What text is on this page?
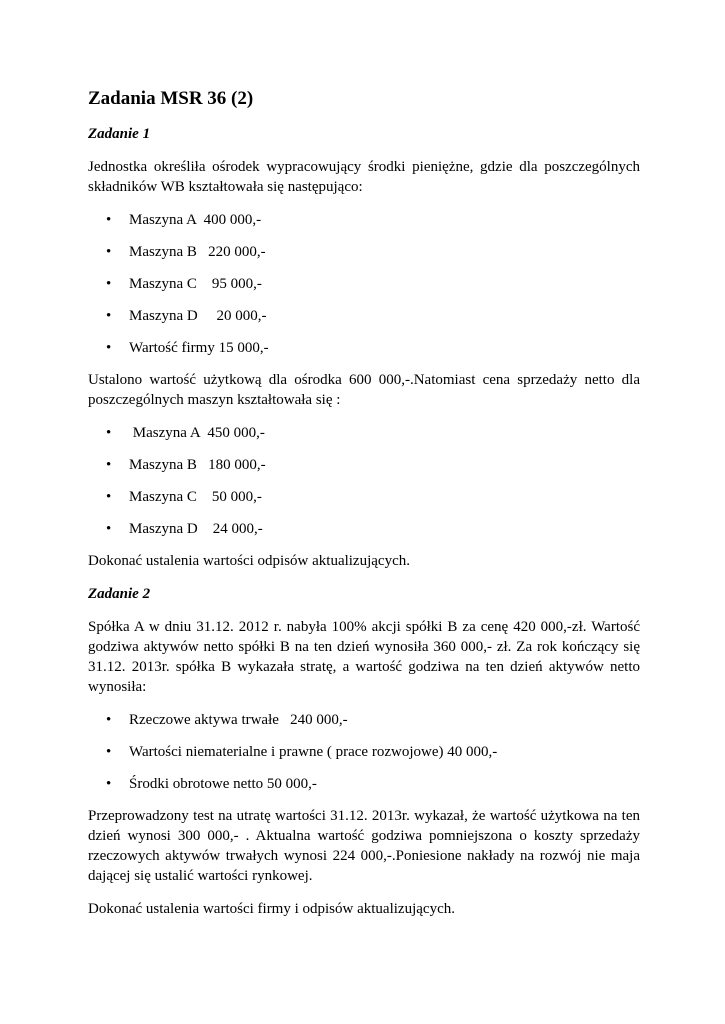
Zadania MSR 36 (2)
Zadanie 1

Jednostka określiła ośrodek wypracowujący środki pieniężne, gdzie dla poszczególnych składników WB kształtowała się następująco:

• Maszyna A  400 000,-
• Maszyna B   220 000,-
• Maszyna C    95 000,-
• Maszyna D     20 000,-
• Wartość firmy 15 000,-

Ustalono wartość użytkową dla ośrodka 600 000,-.Natomiast cena sprzedaży netto dla poszczególnych maszyn kształtowała się :

•  Maszyna A  450 000,-
• Maszyna B   180 000,-
• Maszyna C    50 000,-
• Maszyna D    24 000,-

Dokonać ustalenia wartości odpisów aktualizujących.

Zadanie 2

Spółka A w dniu 31.12. 2012 r. nabyła 100% akcji spółki B za cenę 420 000,-zł. Wartość godziwa aktywów netto spółki B na ten dzień wynosiła 360 000,- zł. Za rok kończący się 31.12. 2013r. spółka B wykazała stratę, a wartość godziwa na ten dzień aktywów netto wynosiła:

• Rzeczowe aktywa trwałe   240 000,-
• Wartości niematerialne i prawne ( prace rozwojowe) 40 000,-
• Środki obrotowe netto 50 000,-

Przeprowadzony test na utratę wartości 31.12. 2013r. wykazał, że wartość użytkowa na ten dzień wynosi 300 000,- . Aktualna wartość godziwa pomniejszona o koszty sprzedaży rzeczowych aktywów trwałych wynosi 224 000,-.Poniesione nakłady na rozwój nie maja dającej się ustalić wartości rynkowej.

Dokonać ustalenia wartości firmy i odpisów aktualizujących.
